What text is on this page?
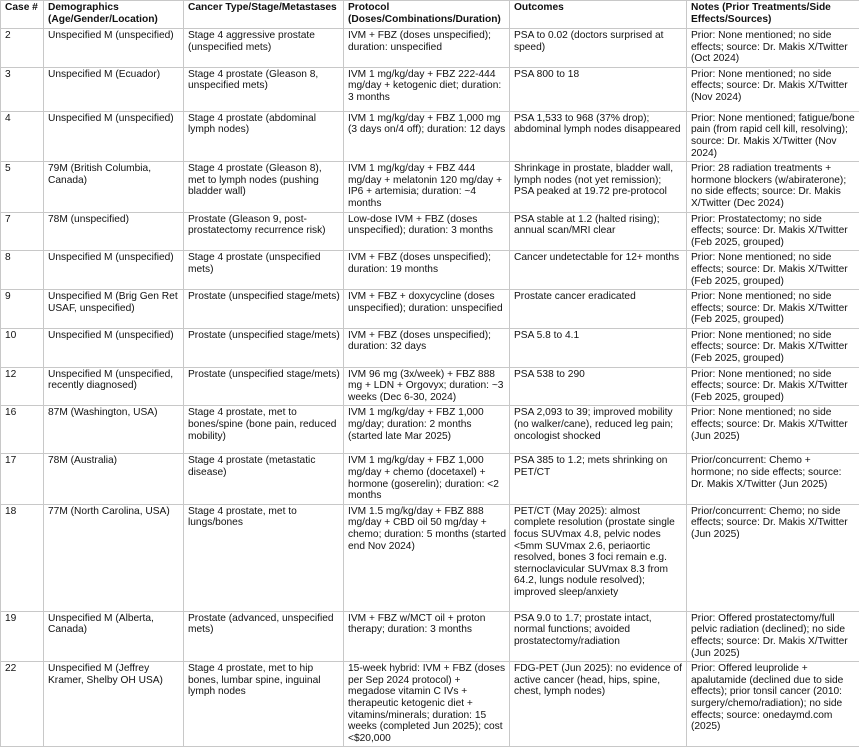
Case #	Demographics (Age/Gender/Location)	Cancer Type/Stage/Metastases	Protocol (Doses/Combinations/Duration)	Outcomes	Notes (Prior Treatments/Side Effects/Sources)
2	Unspecified M (unspecified)	Stage 4 aggressive prostate (unspecified mets)	IVM + FBZ (doses unspecified); duration: unspecified	PSA to 0.02 (doctors surprised at speed)	Prior: None mentioned; no side effects; source: Dr. Makis X/Twitter (Oct 2024)
3	Unspecified M (Ecuador)	Stage 4 prostate (Gleason 8, unspecified mets)	IVM 1 mg/kg/day + FBZ 222-444 mg/day + ketogenic diet; duration: 3 months	PSA 800 to 18	Prior: None mentioned; no side effects; source: Dr. Makis X/Twitter (Nov 2024)
4	Unspecified M (unspecified)	Stage 4 prostate (abdominal lymph nodes)	IVM 1 mg/kg/day + FBZ 1,000 mg (3 days on/4 off); duration: 12 days	PSA 1,533 to 968 (37% drop); abdominal lymph nodes disappeared	Prior: None mentioned; fatigue/bone pain (from rapid cell kill, resolving); source: Dr. Makis X/Twitter (Nov 2024)
5	79M (British Columbia, Canada)	Stage 4 prostate (Gleason 8), met to lymph nodes (pushing bladder wall)	IVM 1 mg/kg/day + FBZ 444 mg/day + melatonin 120 mg/day + IP6 + artemisia; duration: ~4 months	Shrinkage in prostate, bladder wall, lymph nodes (not yet remission); PSA peaked at 19.72 pre-protocol	Prior: 28 radiation treatments + hormone blockers (w/abiraterone); no side effects; source: Dr. Makis X/Twitter (Dec 2024)
7	78M (unspecified)	Prostate (Gleason 9, post-prostatectomy recurrence risk)	Low-dose IVM + FBZ (doses unspecified); duration: 3 months	PSA stable at 1.2 (halted rising); annual scan/MRI clear	Prior: Prostatectomy; no side effects; source: Dr. Makis X/Twitter (Feb 2025, grouped)
8	Unspecified M (unspecified)	Stage 4 prostate (unspecified mets)	IVM + FBZ (doses unspecified); duration: 19 months	Cancer undetectable for 12+ months	Prior: None mentioned; no side effects; source: Dr. Makis X/Twitter (Feb 2025, grouped)
9	Unspecified M (Brig Gen Ret USAF, unspecified)	Prostate (unspecified stage/mets)	IVM + FBZ + doxycycline (doses unspecified); duration: unspecified	Prostate cancer eradicated	Prior: None mentioned; no side effects; source: Dr. Makis X/Twitter (Feb 2025, grouped)
10	Unspecified M (unspecified)	Prostate (unspecified stage/mets)	IVM + FBZ (doses unspecified); duration: 32 days	PSA 5.8 to 4.1	Prior: None mentioned; no side effects; source: Dr. Makis X/Twitter (Feb 2025, grouped)
12	Unspecified M (unspecified, recently diagnosed)	Prostate (unspecified stage/mets)	IVM 96 mg (3x/week) + FBZ 888 mg + LDN + Orgovyx; duration: ~3 weeks (Dec 6-30, 2024)	PSA 538 to 290	Prior: None mentioned; no side effects; source: Dr. Makis X/Twitter (Feb 2025, grouped)
16	87M (Washington, USA)	Stage 4 prostate, met to bones/spine (bone pain, reduced mobility)	IVM 1 mg/kg/day + FBZ 1,000 mg/day; duration: 2 months (started late Mar 2025)	PSA 2,093 to 39; improved mobility (no walker/cane), reduced leg pain; oncologist shocked	Prior: None mentioned; no side effects; source: Dr. Makis X/Twitter (Jun 2025)
17	78M (Australia)	Stage 4 prostate (metastatic disease)	IVM 1 mg/kg/day + FBZ 1,000 mg/day + chemo (docetaxel) + hormone (goserelin); duration: <2 months	PSA 385 to 1.2; mets shrinking on PET/CT	Prior/concurrent: Chemo + hormone; no side effects; source: Dr. Makis X/Twitter (Jun 2025)
18	77M (North Carolina, USA)	Stage 4 prostate, met to lungs/bones	IVM 1.5 mg/kg/day + FBZ 888 mg/day + CBD oil 50 mg/day + chemo; duration: 5 months (started end Nov 2024)	PET/CT (May 2025): almost complete resolution (prostate single focus SUVmax 4.8, pelvic nodes <5mm SUVmax 2.6, periaortic resolved, bones 3 foci remain e.g. sternoclavicular SUVmax 8.3 from 64.2, lungs nodule resolved); improved sleep/anxiety	Prior/concurrent: Chemo; no side effects; source: Dr. Makis X/Twitter (Jun 2025)
19	Unspecified M (Alberta, Canada)	Prostate (advanced, unspecified mets)	IVM + FBZ w/MCT oil + proton therapy; duration: 3 months	PSA 9.0 to 1.7; prostate intact, normal functions; avoided prostatectomy/radiation	Prior: Offered prostatectomy/full pelvic radiation (declined); no side effects; source: Dr. Makis X/Twitter (Jun 2025)
22	Unspecified M (Jeffrey Kramer, Shelby OH USA)	Stage 4 prostate, met to hip bones, lumbar spine, inguinal lymph nodes	15-week hybrid: IVM + FBZ (doses per Sep 2024 protocol) + megadose vitamin C IVs + therapeutic ketogenic diet + vitamins/minerals; duration: 15 weeks (completed Jun 2025); cost <$20,000	FDG-PET (Jun 2025): no evidence of active cancer (head, hips, spine, chest, lymph nodes)	Prior: Offered leuprolide + apalutamide (declined due to side effects); prior tonsil cancer (2010: surgery/chemo/radiation); no side effects; source: onedaymd.com (2025)
